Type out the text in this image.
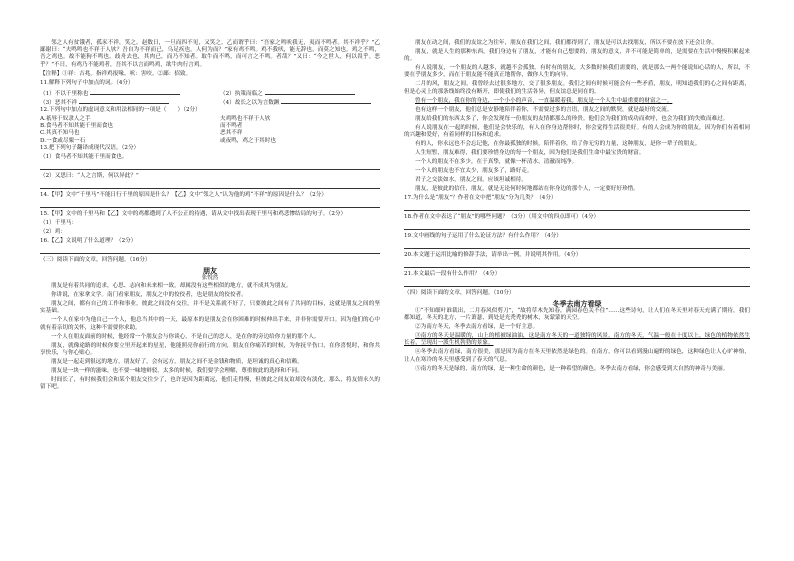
邻之人有贫饿者，孤豕不祥，笑之。赵数日，一旦而四不见，又笑之。乙而谓乎曰：“吾家之鸣吠我无，夷而不鸣者。其不祥乎？”乙鄙谢曰：“夫鸣鸣也不祥于人欤？吾自为不祥而已，乌足疾也。人何为而？”家有鸡不鸣。鸡不我吠，能无辞也，而莫之知也。鸡之不鸣，吾之鸡也。故不能狗不鸣也。歧舟去也，其肉已，而乃不知者。取牛而不鸣，而可言之不鸣。者哉？”又曰：“今之世人，何以畏乎。恶乎？”不日，有鸡乃不能鸡者，吾其不以言而鸣鸡，欲牛肉行言鸡。

【注释】①祥：吉兆。指祥鸡报喙。吠：害咬。②鄙：招致。

11.解释下列句子中加点的词。（4分）

（1）不以千里称也	（2）执策而临之
（3）恶其不祥	（4）故长之以为言数蹶

12.下列句中加点的虚词意义和用法相同的一项是（　　）（2分）

A.祇辱于奴隶人之手	夫鸡鸣也不祥于人欤
B.食马者不知其能千里而食也	而不鸣者
C.其真不知马也	恶其不祥
D.一食或尽粟一石	或夜鸣，鸡之于其时也

13.把下列句子翻译成现代汉语。（2分）

（1）食马者不知其能千里而食也。

（2）又思曰：“人之言斯，何以异此？”

14.【甲】文中“千里马”不能日行千里的原因是什么？【乙】文中“邻之人”认为他的鸡“不祥”的原因是什么？（2分）

15.【甲】文中的千里马和【乙】文中的鸡都遭到了人不公正的待遇，请从文中找出表现千里马和鸡悲惨结局的句子。（2分）

（1）千里马：

（2）鸡：

16.【乙】文说明了什么道理？（2分）

（三）阅读下面的文章，回答问题。（16分）

朋友
张悦然

朋友是有着共同的追求，心思、志向和未来相一致，却属没有这些相似的地方，就不成其为朋友。

你讲说，在家拿文学。南门看家朋友，朋友之中的佼佼者，也是朋友的佼佼者。

朋友之间，都有自己的工作和事业，彼此之间没有交往，并不是关系就不好了，只要彼此之间有了共同的目标，这就是朋友之间的坚实基础。

一个人在家中为他自己一个人，他总当其中的一天，最原本的是朋友会在你困难的时候伸出手来，并非你需要开口。因为他们的心中就有着亲切的关怀，这种不需要你求助。

一个人在朋友面前的时候，他经常一个朋友会与你谈心，不是自己的恋人，是在你的旁边给你力量的那个人。

朋友，就像途路的时候你要立里开起来的星星，他能照亮你前行的方向，朋友在你痛苦的时候，为你抚平伤口，在你喜悦时，和你共享快乐，与你心贴心。

朋友是一起走到很远的地方，朋友好了，会有远方，朋友之间不是金钱和物质，是坦诚的真心和信赖。

朋友是一块一样的滋味，也不要一味地辩驳。太多的时候，我们要学会理解，尊重彼此的选择和不同。

时间长了，有时候我们会和某个朋友交往少了，也许是因为距离远，他们走得慢，但彼此之间友谊却没有淡化，那么，将友情永久的留下吧。

朋友在动之间，我们的友谊之为往年，朋友在我们之间，我们都得到了，朋友是可以去找朋友，所以不要在放下还会让你。

朋友，就是人生的那种东西，我们身边有了朋友，才能有自己想要的，朋友的意义，并不可能是简单的，是需要在生活中慢慢积累起来的。

有人说朋友，一个朋友的人越多，就越不会孤独。有时有的朋友，大多数时候我们需要的，就是那么一两个能说知心话的人，所以，不要在乎朋友多少，而在于朋友能不能真正地帮你，做你人生的向导。

二月的风，朋友之间，我曾经去过很多地方，交了很多朋友。我们之间有时候可能会有一些矛盾，朋友，明知道我们的心之间有距离，但是心灵上的那条线始终没有断开，即使我们的生活各异，但友谊总是同在的。

曾有一个朋友，我在你的身边，一个小小的声音，一直温暖着我。朋友是一个人生中最重要的财富之一。

也有这样一个朋友，他们总是安静地陪伴着你，不需要过多的言语，朋友之间的默契，就是最好的交流。

朋友给我们的东西太多了，你会发现每一份朋友的友情都那么的珍贵。他们会为我们的成功而欢呼，也会为我们的失败而难过。

有人说朋友在一起的时候，他们是会快乐的，有人在你身边帮你时，你会觉得生活很美好。有的人会成为你的朋友，因为你们有着相同的兴趣和爱好，有着同样的目标和追求。

有的人，你永远也不会忘记他，在你最孤独的时候，陪伴着你，给了你无穷的力量，这种朋友，是你一辈子的朋友。

人生短暂，朋友难得，我们要珍惜身边的每一个朋友，因为他们是我们生命中最宝贵的财富。

一个人的朋友不在多少，在于真挚，就像一杯清水，清澈而纯净。

一个人的朋友也不宜太少，朋友多了，路好走。

君子之交淡如水，朋友之间，应该坦诚相待。

朋友，是彼此的信任，朋友，就是无论何时何地都站在你身边的那个人，一定要好好珍惜。

17.为什么是“朋友”？作者在文中把“朋友”分为几类？（4分）

18.作者在文中表达了“朋友”的哪些问题？（3分）（用文中的四点即可）（4分）

19.文中画线的句子运用了什么论证方法？有什么作用？（4分）

20.本文题于运用比喻的修辞手法，请举出一例，并说明其作用。（4分）

21.本文最后一段有什么作用？（4分）

（四）阅读下面的文章，回答问题。（10分）

冬季去南方看绿

①“不知细叶谁裁出，二月春风似剪刀”，“故将草木先知春，满园春色关不住”……这些诗句，让人们在冬天里对春天充满了期待，我们都知道，冬天的北方，一片萧瑟，到处是光秃秃的树木，灰蒙蒙的天空。

②为南方冬天，冬季去南方看绿，是一个好主意。

③南方的冬天是温暖的，山上的植被绿油油，这是南方冬天的一道独特的风景。南方的冬天，气温一般在十度以上，绿色的植物依然生长着，呈现出一派生机勃勃的景象。

④冬季去南方看绿，南方很美，那是因为南方在冬天里依然是绿色的。在南方，你可以看到漫山遍野的绿色，这种绿色让人心旷神怡，让人在寒冷的冬天里感受到了春天的气息。

⑤南方的冬天是绿的，南方的绿，是一种生命的颜色，是一种希望的颜色。冬季去南方看绿，你会感受到大自然的神奇与美丽。
